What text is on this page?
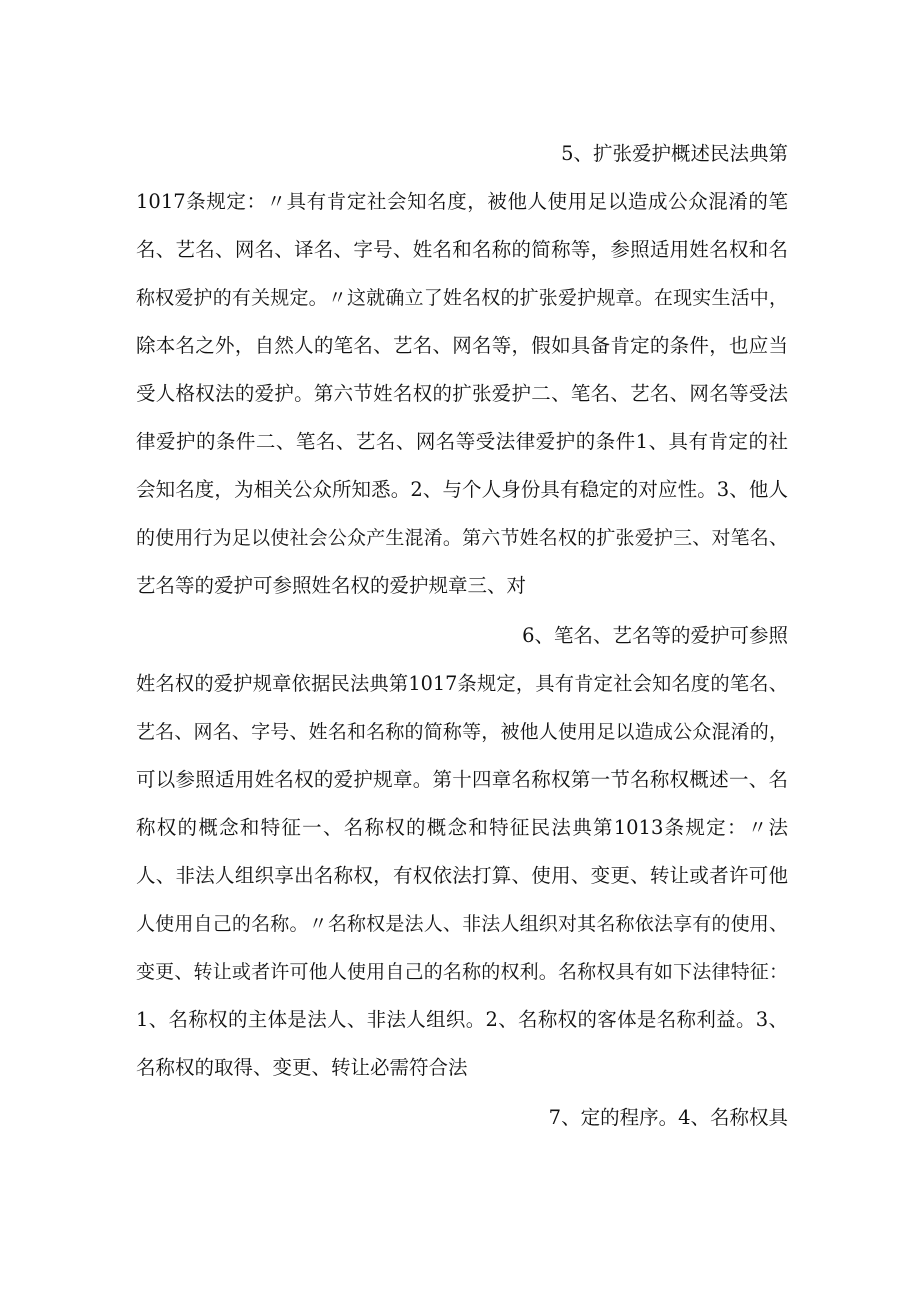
5、扩张爱护概述民法典第
1017条规定：〃具有肯定社会知名度，被他人使用足以造成公众混淆的笔
名、艺名、网名、译名、字号、姓名和名称的简称等，参照适用姓名权和名
称权爱护的有关规定。〃这就确立了姓名权的扩张爱护规章。在现实生活中，
除本名之外，自然人的笔名、艺名、网名等，假如具备肯定的条件，也应当
受人格权法的爱护。第六节姓名权的扩张爱护二、笔名、艺名、网名等受法
律爱护的条件二、笔名、艺名、网名等受法律爱护的条件1、具有肯定的社
会知名度，为相关公众所知悉。2、与个人身份具有稳定的对应性。3、他人
的使用行为足以使社会公众产生混淆。第六节姓名权的扩张爱护三、对笔名、
艺名等的爱护可参照姓名权的爱护规章三、对
6、笔名、艺名等的爱护可参照
姓名权的爱护规章依据民法典第1017条规定，具有肯定社会知名度的笔名、
艺名、网名、字号、姓名和名称的简称等，被他人使用足以造成公众混淆的，
可以参照适用姓名权的爱护规章。第十四章名称权第一节名称权概述一、名
称权的概念和特征一、名称权的概念和特征民法典第1013条规定：〃法
人、非法人组织享出名称权，有权依法打算、使用、变更、转让或者许可他
人使用自己的名称。〃名称权是法人、非法人组织对其名称依法享有的使用、
变更、转让或者许可他人使用自己的名称的权利。名称权具有如下法律特征：
1、名称权的主体是法人、非法人组织。2、名称权的客体是名称利益。3、
名称权的取得、变更、转让必需符合法
7、定的程序。4、名称权具
